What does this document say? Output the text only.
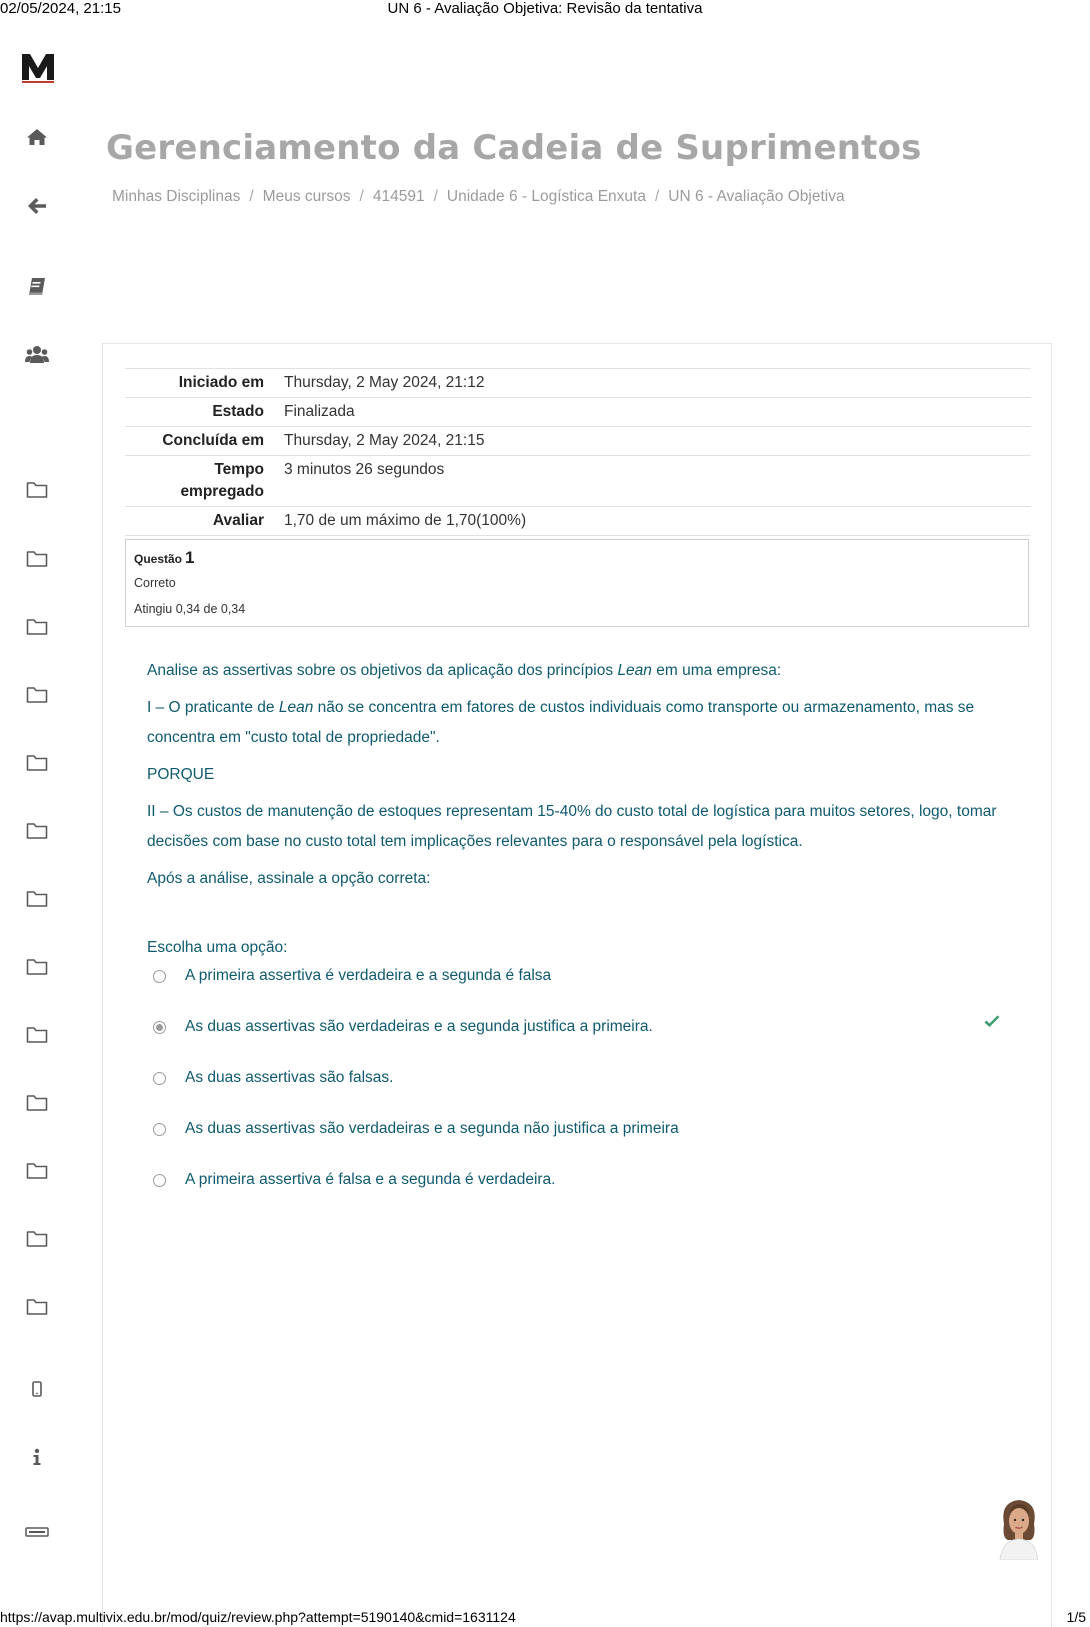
02/05/2024, 21:15	UN 6 - Avaliação Objetiva: Revisão da tentativa
Gerenciamento da Cadeia de Suprimentos
Minhas Disciplinas / Meus cursos / 414591 / Unidade 6 - Logística Enxuta / UN 6 - Avaliação Objetiva
Iniciado em	Thursday, 2 May 2024, 21:12
Estado	Finalizada
Concluída em	Thursday, 2 May 2024, 21:15
Tempo
empregado	3 minutos 26 segundos
Avaliar	1,70 de um máximo de 1,70(100%)
Questão 1
Correto
Atingiu 0,34 de 0,34

Analise as assertivas sobre os objetivos da aplicação dos princípios Lean em uma empresa:

I – O praticante de Lean não se concentra em fatores de custos individuais como transporte ou armazenamento, mas se concentra em "custo total de propriedade".

PORQUE

II – Os custos de manutenção de estoques representam 15-40% do custo total de logística para muitos setores, logo, tomar decisões com base no custo total tem implicações relevantes para o responsável pela logística.

Após a análise, assinale a opção correta:

Escolha uma opção:
A primeira assertiva é verdadeira e a segunda é falsa
As duas assertivas são verdadeiras e a segunda justifica a primeira.
As duas assertivas são falsas.
As duas assertivas são verdadeiras e a segunda não justifica a primeira
A primeira assertiva é falsa e a segunda é verdadeira.
https://avap.multivix.edu.br/mod/quiz/review.php?attempt=5190140&cmid=1631124	1/5
